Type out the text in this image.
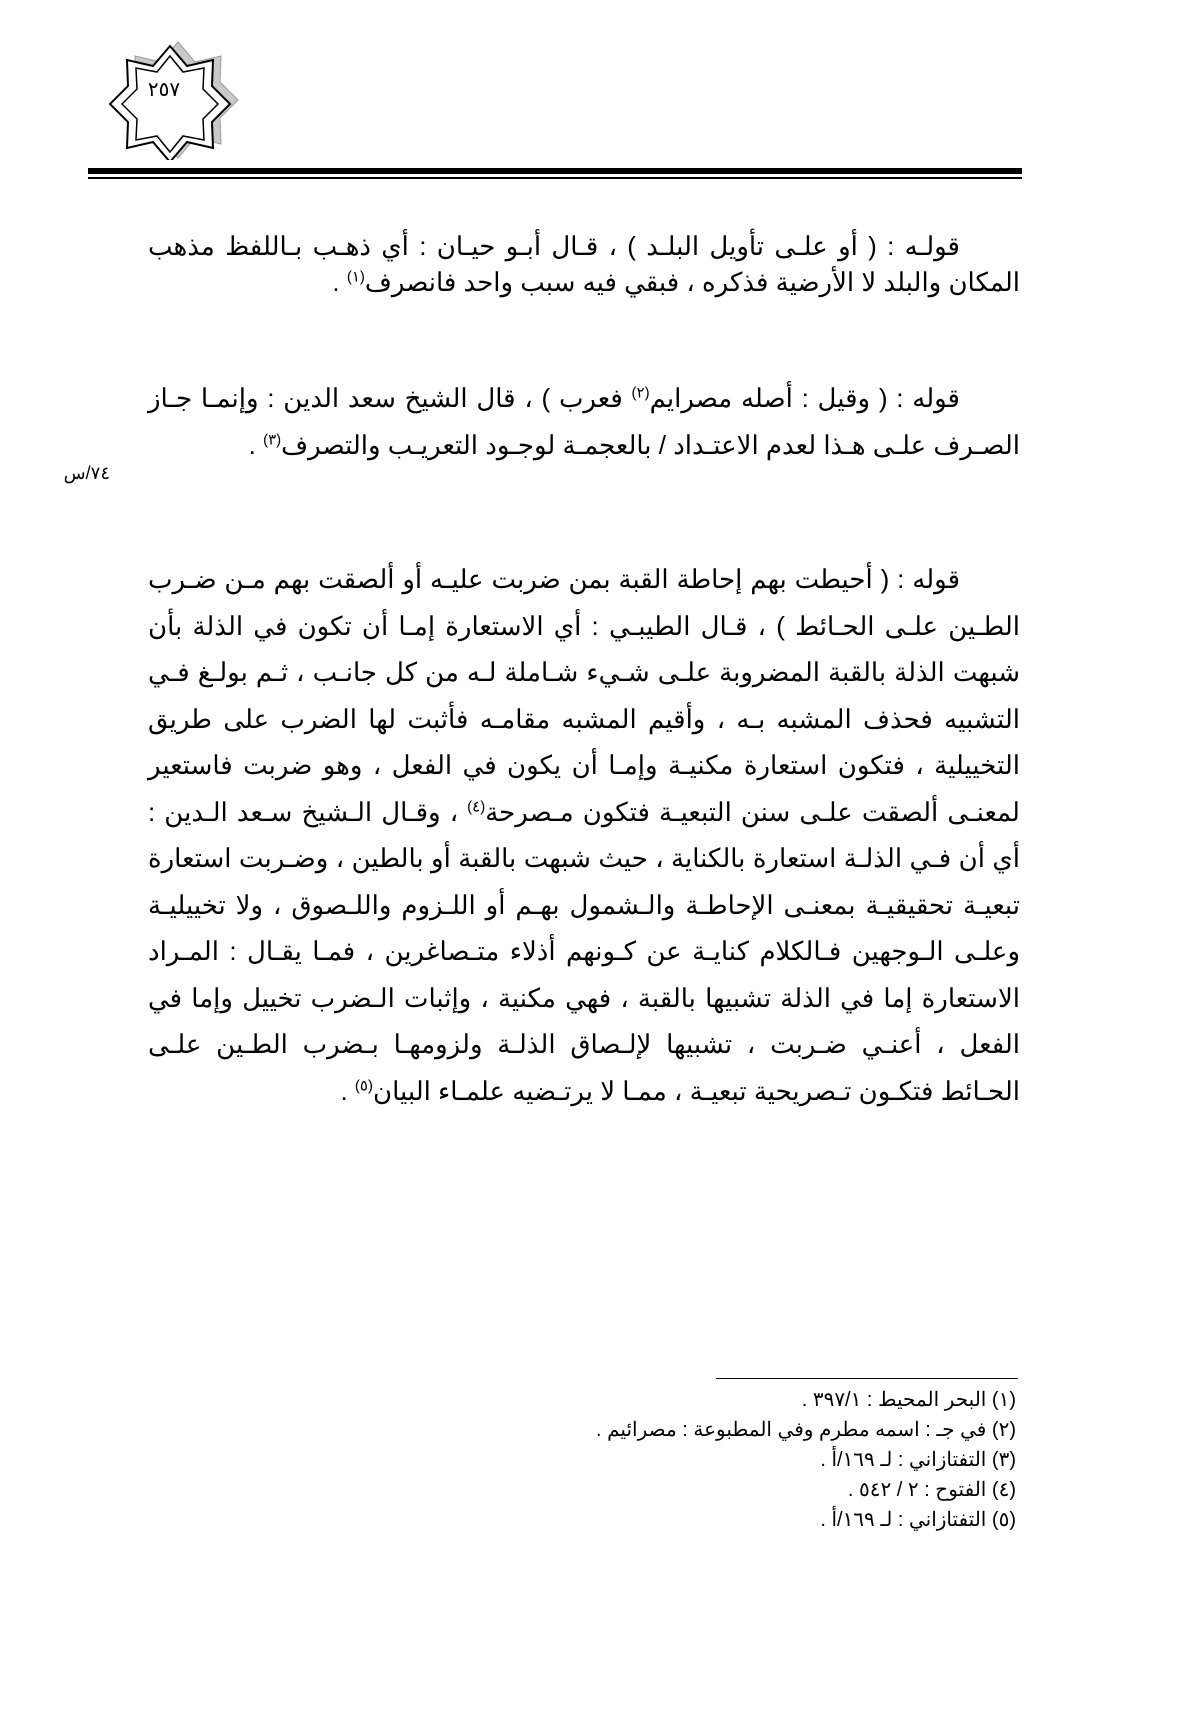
٢٥٧

قولـه : ( أو علـى تأويل البلـد ) ، قـال أبـو حيـان : أي ذهـب بـاللفظ مذهب المكان والبلد لا الأرضية فذكره ، فبقي فيه سبب واحد فانصرف$^{(١)}$ .

قوله : ( وقيل : أصله مصرايم$^{(٢)}$ فعرب ) ، قال الشيخ سعد الدين : وإنمـا جـاز الصـرف علـى هـذا لعدم الاعتـداد / بالعجمـة لوجـود التعريـب والتصرف$^{(٣)}$ .

٧٤/س

قوله : ( أحيطت بهم إحاطة القبة بمن ضربت عليـه أو ألصقت بهم مـن ضـرب الطـين علـى الحـائط ) ، قـال الطيبـي : أي الاستعارة إمـا أن تكون في الذلة بأن شبهت الذلة بالقبة المضروبة علـى شـيء شـاملة لـه من كل جانـب ، ثـم بولـغ فـي التشبيه فحذف المشبه بـه ، وأقيم المشبه مقامـه فأثبت لها الضرب على طريق التخييلية ، فتكون استعارة مكنيـة وإمـا أن يكون في الفعل ، وهو ضربت فاستعير لمعنـى ألصقت علـى سنن التبعيـة فتكون مـصرحة$^{(٤)}$ ، وقـال الـشيخ سـعد الـدين : أي أن فـي الذلـة استعارة بالكناية ، حيث شبهت بالقبة أو بالطين ، وضـربت استعارة تبعيـة تحقيقيـة بمعنـى الإحاطـة والـشمول بهـم أو اللـزوم واللـصوق ، ولا تخييليـة وعلـى الـوجهين فـالكلام كنايـة عن كـونهم أذلاء متـصاغرين ، فمـا يقـال : المـراد الاستعارة إما في الذلة تشبيها بالقبة ، فهي مكنية ، وإثبات الـضرب تخييل وإما في الفعل ، أعنـي ضـربت ، تشبيها لإلـصاق الذلـة ولزومهـا بـضرب الطـين علـى الحـائط فتكـون تـصريحية تبعيـة ، ممـا لا يرتـضيه علمـاء البيان$^{(٥)}$ .

(١) البحر المحيط : ٣٩٧/١ .

(٢) في جـ : اسمه مطرم وفي المطبوعة : مصرائيم .

(٣) التفتازاني : لـ ١٦٩/أ .

(٤) الفتوح : ٢ / ٥٤٢ .

(٥) التفتازاني : لـ ١٦٩/أ .
